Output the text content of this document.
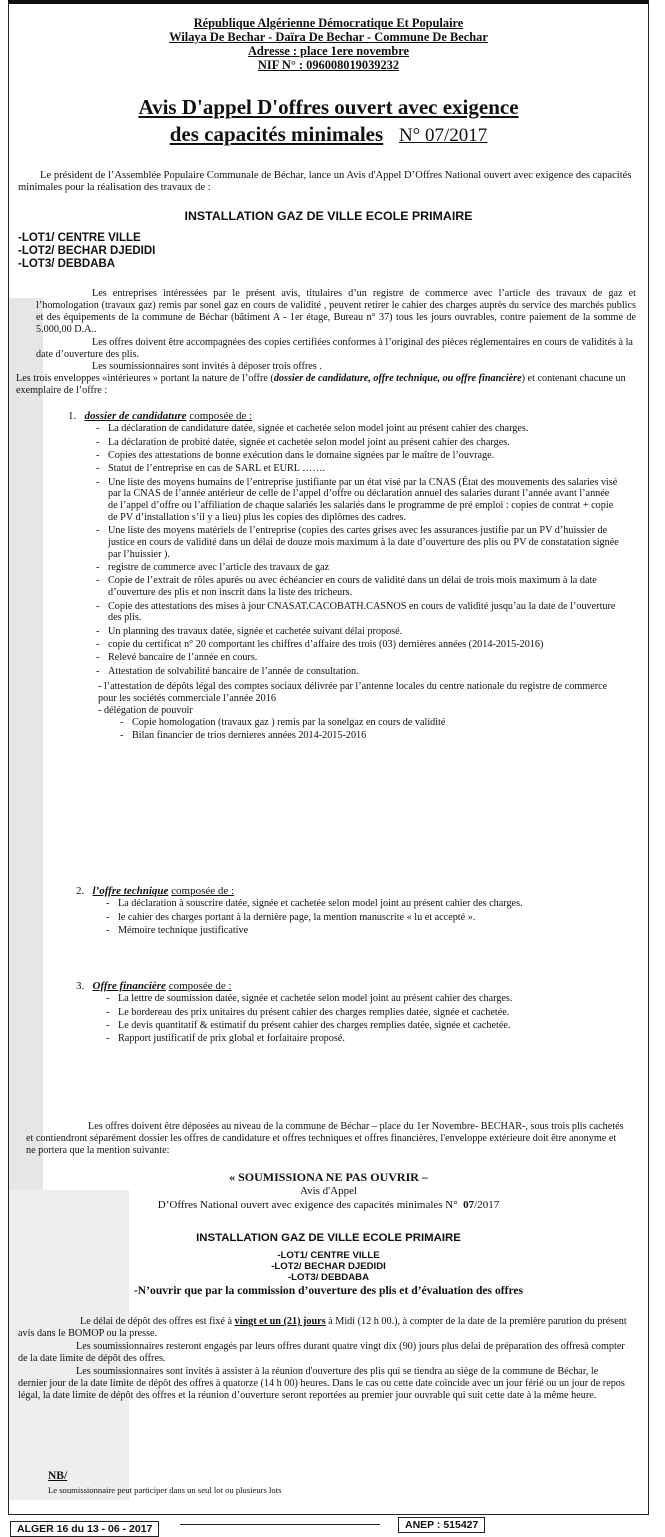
République Algérienne Démocratique Et Populaire

Wilaya De Bechar - Daïra De Bechar - Commune De Bechar

Adresse : place 1ere novembre

NIF N° : 096008019039232

Avis D'appel D'offres ouvert avec exigence
des capacités minimales N° 07/2017

Le président de l’Assemblée Populaire Communale de Béchar, lance un Avis d'Appel D’Offres National ouvert avec exigence des capacités minimales pour la réalisation des travaux de :

INSTALLATION GAZ DE VILLE ECOLE PRIMAIRE

-LOT1/ CENTRE VILLE
-LOT2/ BECHAR DJEDIDI
-LOT3/ DEBDABA

Les entreprises intéressées par le présent avis, titulaires d’un registre de commerce avec l’article des travaux de gaz et l’homologation (travaux gaz) remis par sonel gaz en cours de validité , peuvent retirer le cahier des charges auprès du service des marchés publics et des équipements de la commune de Béchar (bâtiment A - 1er étage, Bureau n° 37) tous les jours ouvrables, contre paiement de la somme de 5.000,00 D.A..

Les offres doivent être accompagnées des copies certifiées conformes à l’original des pièces réglementaires en cours de validités à la date d’ouverture des plis.

Les soumissionnaires sont invités à déposer trois offres .

Les trois enveloppes «intérieures » portant la nature de l’offre (dossier de candidature, offre technique, ou offre financière) et contenant chacune un exemplaire de l’offre :

1. dossier de candidature composée de :
- La déclaration de candidature datée, signée et cachetée selon model joint au présent cahier des charges.
- La déclaration de probité datée, signée et cachetée selon model joint au présent cahier des charges.
- Copies des attestations de bonne exécution dans le domaine signées par le maître de l’ouvrage.
- Statut de l’entreprise en cas de SARL et EURL …….
- Une liste des moyens humains de l’entreprise justifiante par un état visé par la CNAS (État des mouvements des salaries visé par la CNAS de l’année antérieur de celle de l’appel d’offre ou déclaration annuel des salaries durant l’année avant l’année de l’appel d’offre ou l’affiliation de chaque salariés les salariés dans le programme de pré emploi : copies de contrat + copie de PV d’installation s’il y a lieu) plus les copies des diplômes des cadres.
- Une liste des moyens matériels de l’entreprise (copies des cartes grises avec les assurances justifie par un PV d’huissier de justice en cours de validité dans un délai de douze mois maximum à la date d’ouverture des plis ou PV de constatation signée par l’huissier ).
- registre de commerce avec l’article des travaux de gaz
- Copie de l’extrait de rôles apurés ou avec échéancier en cours de validité dans un délai de trois mois maximum à la date d’ouverture des plis et non inscrit dans la liste des tricheurs.
- Copie des attestations des mises à jour CNASAT.CACOBATH.CASNOS en cours de validité jusqu’au la date de l’ouverture des plis.
- Un planning des travaux datée, signée et cachetée suivant délai proposé.
- copie du certificat n° 20 comportant les chiffres d’affaire des trois (03) dernières années (2014-2015-2016)
- Relevé bancaire de l’année en cours.
- Attestation de solvabilité bancaire de l’année de consultation.
- l’attestation de dépôts légal des comptes sociaux délivrée par l’antenne locales du centre nationale du registre de commerce pour les sociétés commerciale l’année 2016
- délégation de pouvoir
- Copie homologation (travaux gaz ) remis par la sonelgaz en cours de validité
- Bilan financier de trios dernieres années 2014-2015-2016
2. l’offre technique composée de :
- La déclaration à souscrire datée, signée et cachetée selon model joint au présent cahier des charges.
- le cahier des charges portant à la dernière page, la mention manuscrite « lu et accepté ».
- Mémoire technique justificative
3. Offre financière composée de :
- La lettre de soumission datée, signée et cachetée selon model joint au présent cahier des charges.
- Le bordereau des prix unitaires du présent cahier des charges remplies datée, signée et cachetée.
- Le devis quantitatif & estimatif du présent cahier des charges remplies datée, signée et cachetée.
- Rapport justificatif de prix global et forfaitaire proposé.

Les offres doivent être déposées au niveau de la commune de Béchar – place du 1er Novembre- BECHAR-, sous trois plis cachetés et contiendront séparément dossier les offres de candidature et offres techniques et offres financières, l'enveloppe extérieure doit être anonyme et ne portera que la mention suivante:

« SOUMISSIONA NE PAS OUVRIR –

Avis d'Appel

D’Offres National ouvert avec exigence des capacités minimales N° 07/2017

INSTALLATION GAZ DE VILLE ECOLE PRIMAIRE

-LOT1/ CENTRE VILLE
-LOT2/ BECHAR DJEDIDI
-LOT3/ DEBDABA

-N’ouvrir que par la commission d’ouverture des plis et d’évaluation des offres

Le délai de dépôt des offres est fixé à vingt et un (21) jours à Midi (12 h 00.), à compter de la date de la première parution du présent avis dans le BOMOP ou la presse.

Les soumissionnaires resteront engagés par leurs offres durant quatre vingt dix (90) jours plus delai de préparation des offresà compter de la date limite de dépôt des offres.

Les soumissionnaires sont invités à assister à la réunion d'ouverture des plis qui se tiendra au siège de la commune de Béchar, le dernier jour de la date limite de dépôt des offres à quatorze (14 h 00) heures. Dans le cas ou cette date coïncide avec un jour férié ou un jour de repos légal, la date limite de dépôt des offres et la réunion d’ouverture seront reportées au premier jour ouvrable qui suit cette date à la même heure.

NB/

Le soumissionnaire peut participer dans un seul lot ou plusieurs lots

ALGER 16 du 13 - 06 - 2017	ANEP : 515427
